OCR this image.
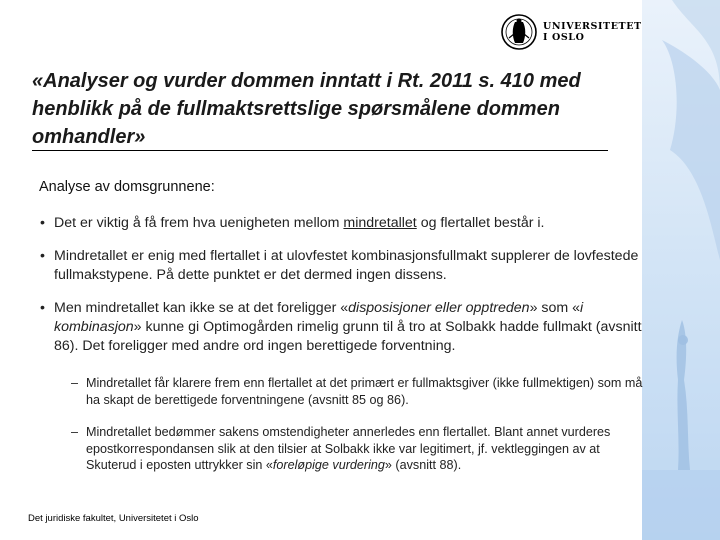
UNIVERSITETET
I OSLO
«Analyser og vurder dommen inntatt i Rt. 2011 s. 410 med henblikk på de fullmaktsrettslige spørsmålene dommen omhandler»
Analyse av domsgrunnene:
• Det er viktig å få frem hva uenigheten mellom mindretallet og flertallet består i.
• Mindretallet er enig med flertallet i at ulovfestet kombinasjonsfullmakt supplerer de lovfestede fullmakstypene. På dette punktet er det dermed ingen dissens.
• Men mindretallet kan ikke se at det foreligger «disposisjoner eller opptreden» som «i kombinasjon» kunne gi Optimogården rimelig grunn til å tro at Solbakk hadde fullmakt (avsnitt 86). Det foreligger med andre ord ingen berettigede forventning.
– Mindretallet får klarere frem enn flertallet at det primært er fullmaktsgiver (ikke fullmektigen) som må ha skapt de berettigede forventningene (avsnitt 85 og 86).
– Mindretallet bedømmer sakens omstendigheter annerledes enn flertallet. Blant annet vurderes epostkorrespondansen slik at den tilsier at Solbakk ikke var legitimert, jf. vektleggingen av at Skuterud i eposten uttrykker sin «foreløpige vurdering» (avsnitt 88).
Det juridiske fakultet, Universitetet i Oslo
